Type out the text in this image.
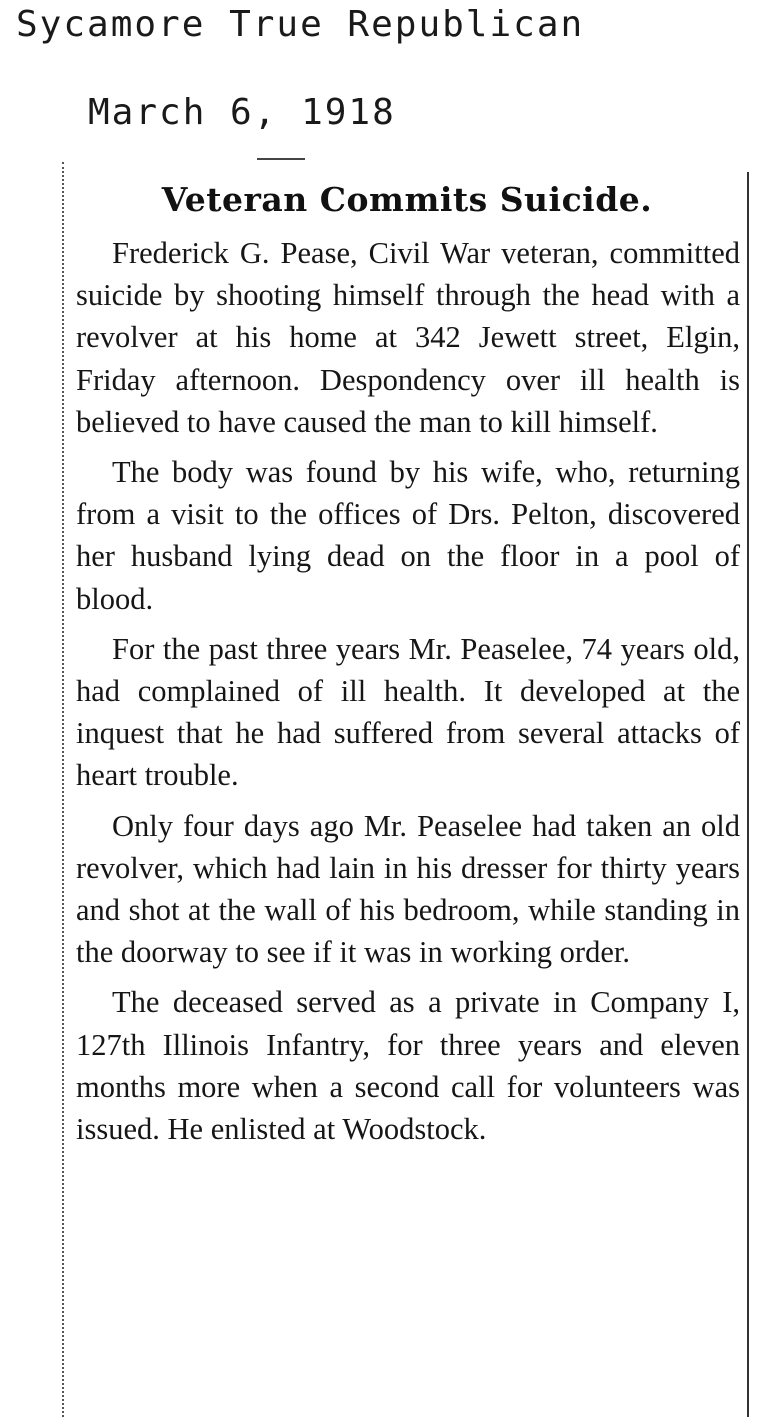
Sycamore True Republican
March 6, 1918
Veteran Commits Suicide.

Frederick G. Pease, Civil War veteran, committed suicide by shooting himself through the head with a revolver at his home at 342 Jewett street, Elgin, Friday afternoon. Despondency over ill health is believed to have caused the man to kill himself.

The body was found by his wife, who, returning from a visit to the offices of Drs. Pelton, discovered her husband lying dead on the floor in a pool of blood.

For the past three years Mr. Peaselee, 74 years old, had complained of ill health. It developed at the inquest that he had suffered from several attacks of heart trouble.

Only four days ago Mr. Peaselee had taken an old revolver, which had lain in his dresser for thirty years and shot at the wall of his bedroom, while standing in the doorway to see if it was in working order.

The deceased served as a private in Company I, 127th Illinois Infantry, for three years and eleven months more when a second call for volunteers was issued. He enlisted at Woodstock.
